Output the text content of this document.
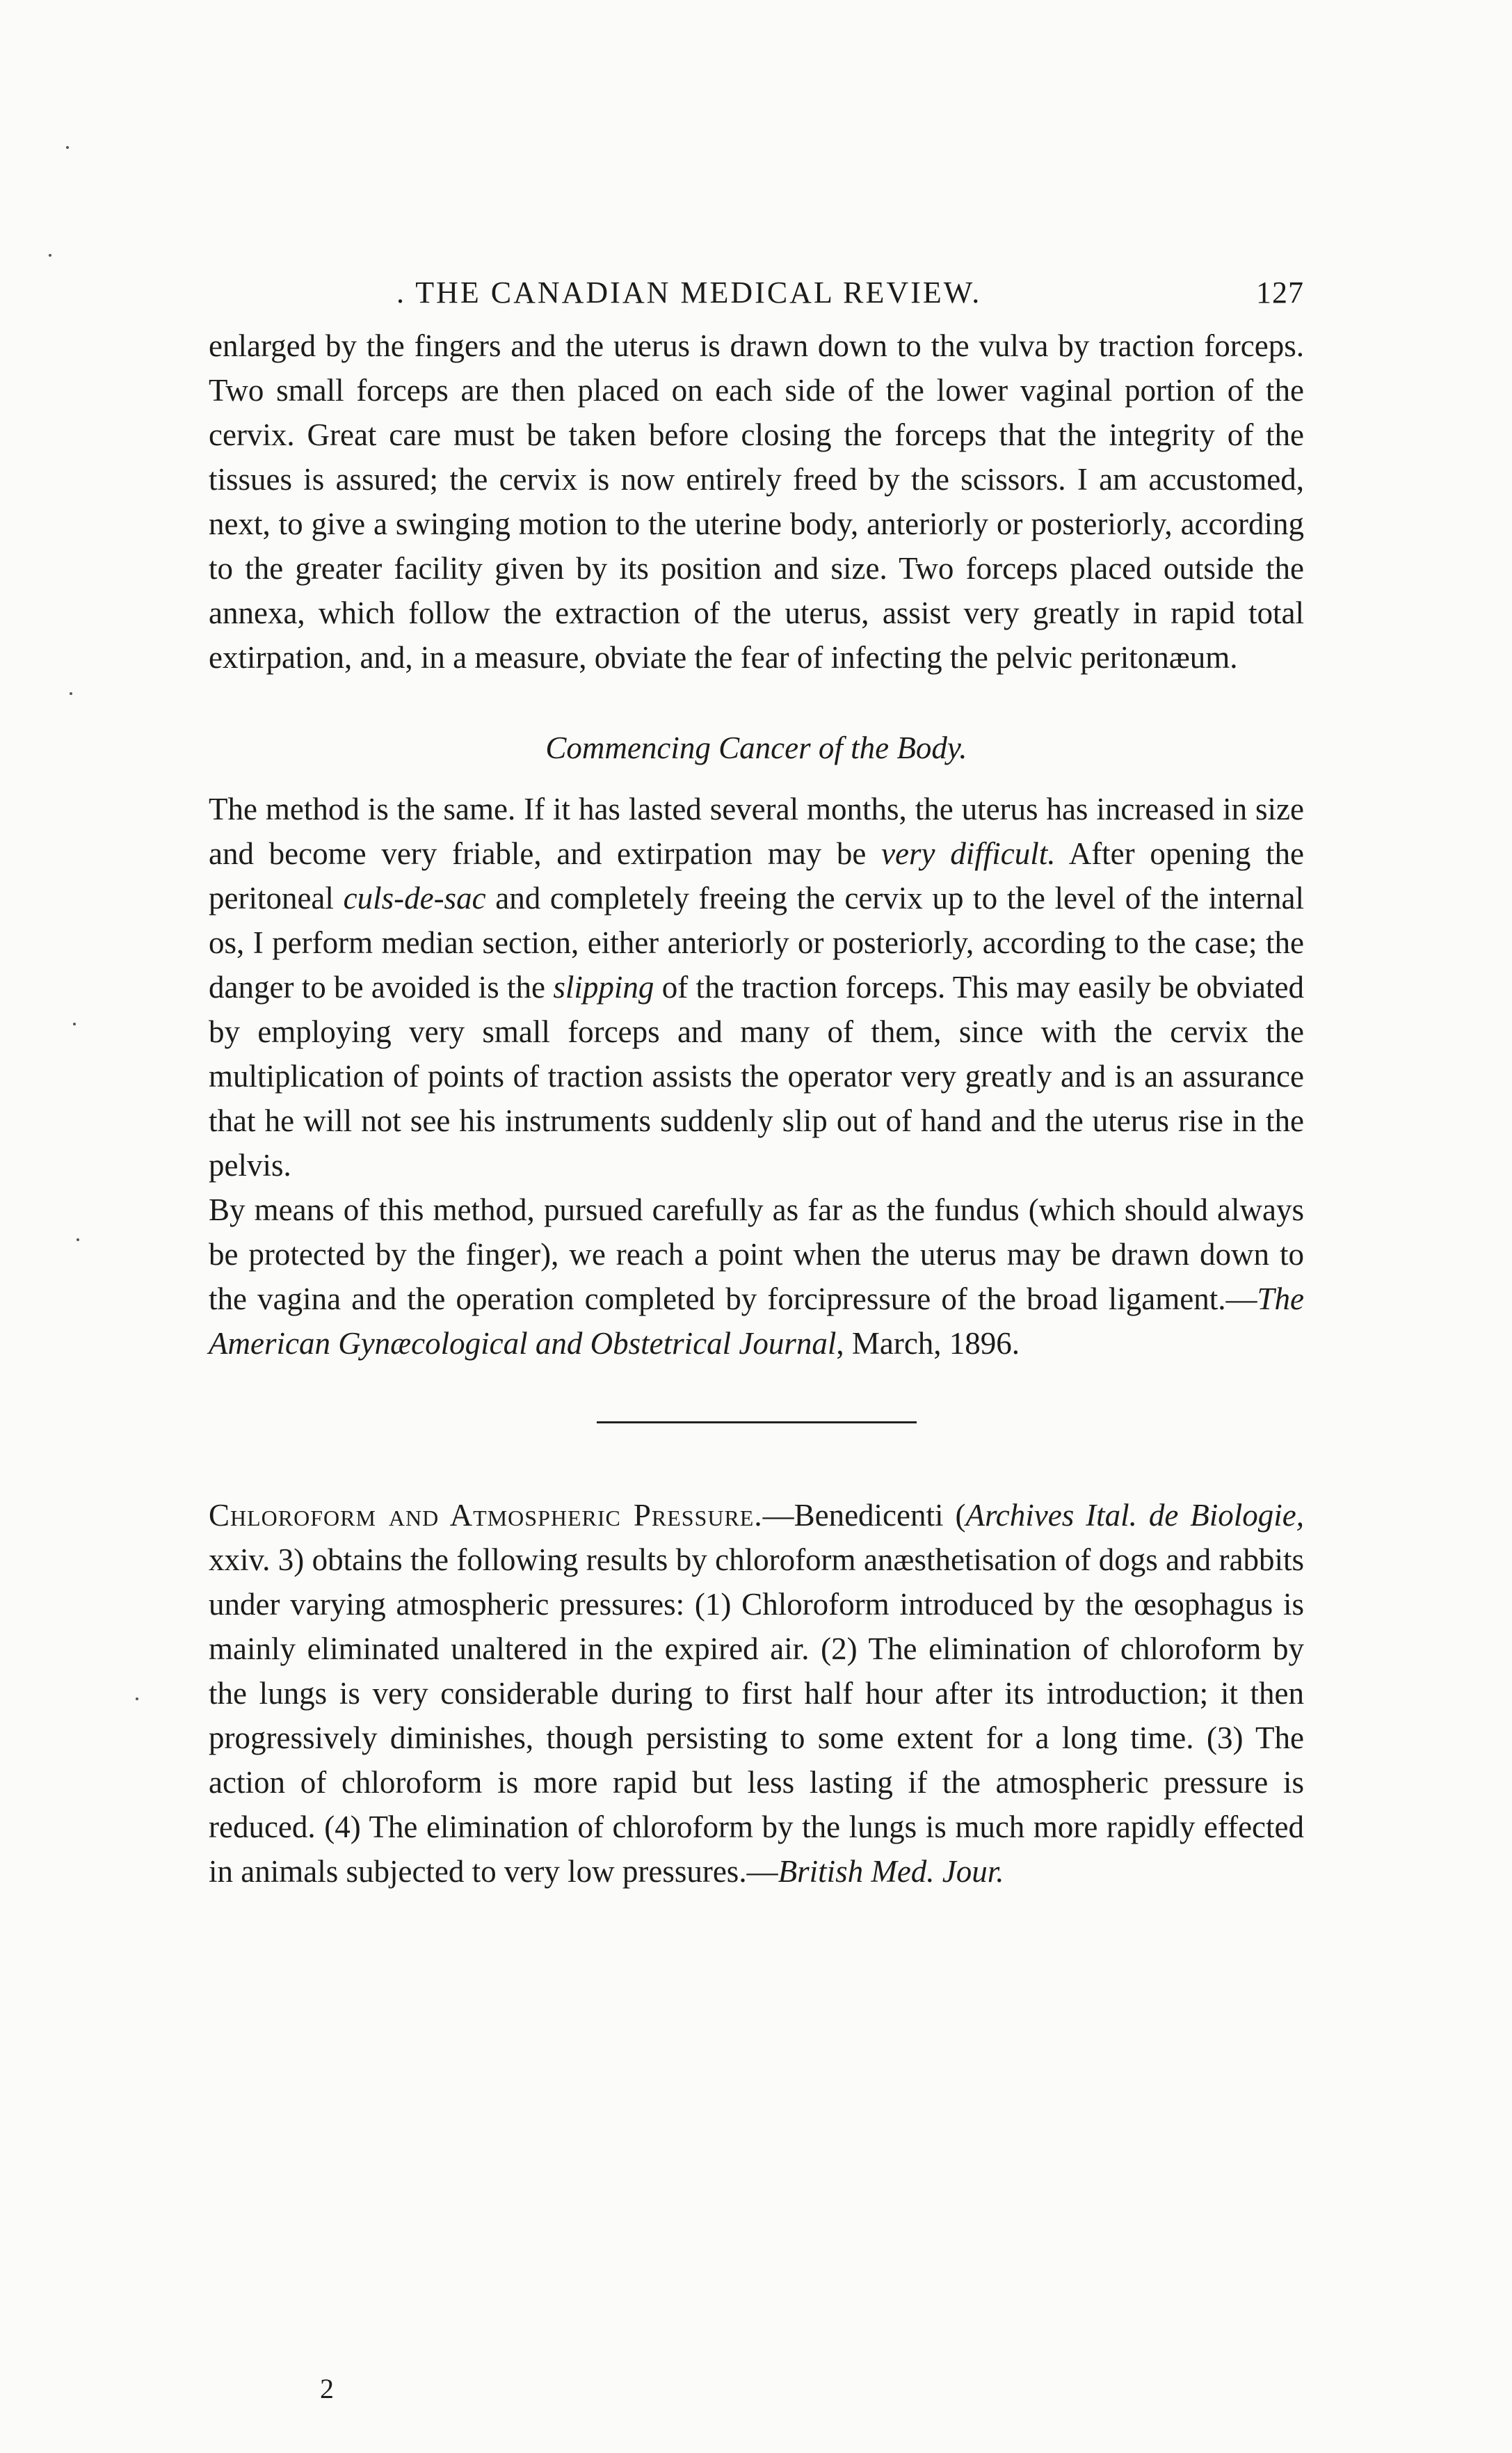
. THE CANADIAN MEDICAL REVIEW.	127

enlarged by the fingers and the uterus is drawn down to the vulva by traction forceps. Two small forceps are then placed on each side of the lower vaginal portion of the cervix. Great care must be taken before closing the forceps that the integrity of the tissues is assured; the cervix is now entirely freed by the scissors. I am accustomed, next, to give a swinging motion to the uterine body, anteriorly or posteriorly, according to the greater facility given by its position and size. Two forceps placed outside the annexa, which follow the extraction of the uterus, assist very greatly in rapid total extirpation, and, in a measure, obviate the fear of infecting the pelvic peritonæum.

Commencing Cancer of the Body.

The method is the same. If it has lasted several months, the uterus has increased in size and become very friable, and extirpation may be very difficult. After opening the peritoneal culs-de-sac and completely freeing the cervix up to the level of the internal os, I perform median section, either anteriorly or posteriorly, according to the case; the danger to be avoided is the slipping of the traction forceps. This may easily be obviated by employing very small forceps and many of them, since with the cervix the multiplication of points of traction assists the operator very greatly and is an assurance that he will not see his instruments suddenly slip out of hand and the uterus rise in the pelvis.

By means of this method, pursued carefully as far as the fundus (which should always be protected by the finger), we reach a point when the uterus may be drawn down to the vagina and the operation completed by forcipressure of the broad ligament.—The American Gynæcological and Obstetrical Journal, March, 1896.

Chloroform and Atmospheric Pressure.—Benedicenti (Archives Ital. de Biologie, xxiv. 3) obtains the following results by chloroform anæsthetisation of dogs and rabbits under varying atmospheric pressures: (1) Chloroform introduced by the œsophagus is mainly eliminated unaltered in the expired air. (2) The elimination of chloroform by the lungs is very considerable during to first half hour after its introduction; it then progressively diminishes, though persisting to some extent for a long time. (3) The action of chloroform is more rapid but less lasting if the atmospheric pressure is reduced. (4) The elimination of chloroform by the lungs is much more rapidly effected in animals subjected to very low pressures.—British Med. Jour.

2
